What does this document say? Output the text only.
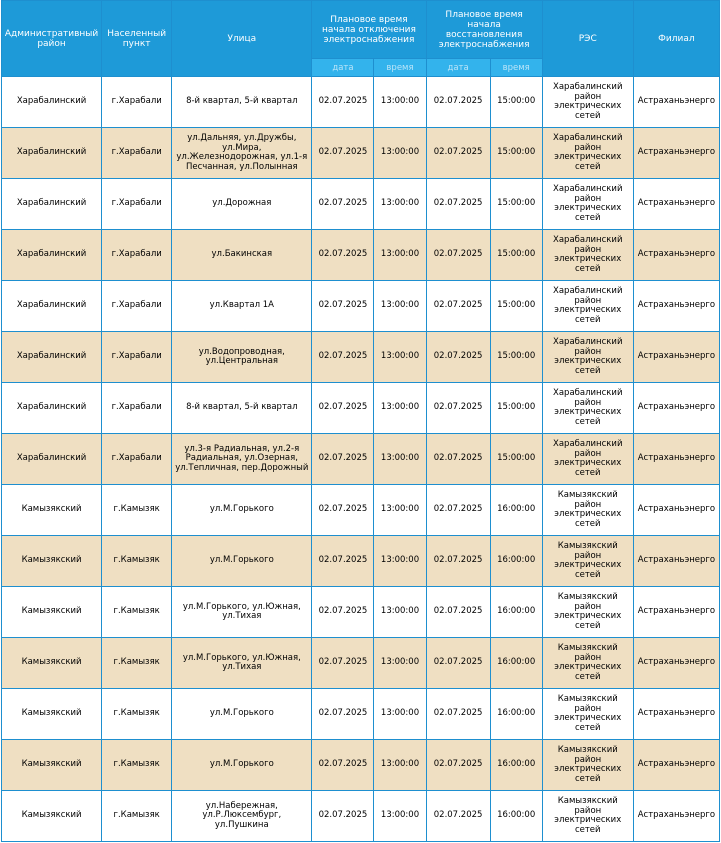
Административный район	Населенный пункт	Улица	Плановое время начала отключения электроснабжения		Плановое время начала восстановления электроснабжения		РЭС	Филиал
			дата	время	дата	время		
Харабалинский	г.Харабали	8-й квартал, 5-й квартал	02.07.2025	13:00:00	02.07.2025	15:00:00	Харабалинский район электрических сетей	Астраханьэнерго
Харабалинский	г.Харабали	ул.Дальняя, ул.Дружбы, ул.Мира, ул.Железнодорожная, ул.1-я Песчанная, ул.Полынная	02.07.2025	13:00:00	02.07.2025	15:00:00	Харабалинский район электрических сетей	Астраханьэнерго
Харабалинский	г.Харабали	ул.Дорожная	02.07.2025	13:00:00	02.07.2025	15:00:00	Харабалинский район электрических сетей	Астраханьэнерго
Харабалинский	г.Харабали	ул.Бакинская	02.07.2025	13:00:00	02.07.2025	15:00:00	Харабалинский район электрических сетей	Астраханьэнерго
Харабалинский	г.Харабали	ул.Квартал 1А	02.07.2025	13:00:00	02.07.2025	15:00:00	Харабалинский район электрических сетей	Астраханьэнерго
Харабалинский	г.Харабали	ул.Водопроводная, ул.Центральная	02.07.2025	13:00:00	02.07.2025	15:00:00	Харабалинский район электрических сетей	Астраханьэнерго
Харабалинский	г.Харабали	8-й квартал, 5-й квартал	02.07.2025	13:00:00	02.07.2025	15:00:00	Харабалинский район электрических сетей	Астраханьэнерго
Харабалинский	г.Харабали	ул.3-я Радиальная, ул.2-я Радиальная, ул.Озерная, ул.Тепличная, пер.Дорожный	02.07.2025	13:00:00	02.07.2025	15:00:00	Харабалинский район электрических сетей	Астраханьэнерго
Камызякский	г.Камызяк	ул.М.Горького	02.07.2025	13:00:00	02.07.2025	16:00:00	Камызякский район электрических сетей	Астраханьэнерго
Камызякский	г.Камызяк	ул.М.Горького	02.07.2025	13:00:00	02.07.2025	16:00:00	Камызякский район электрических сетей	Астраханьэнерго
Камызякский	г.Камызяк	ул.М.Горького, ул.Южная, ул.Тихая	02.07.2025	13:00:00	02.07.2025	16:00:00	Камызякский район электрических сетей	Астраханьэнерго
Камызякский	г.Камызяк	ул.М.Горького, ул.Южная, ул.Тихая	02.07.2025	13:00:00	02.07.2025	16:00:00	Камызякский район электрических сетей	Астраханьэнерго
Камызякский	г.Камызяк	ул.М.Горького	02.07.2025	13:00:00	02.07.2025	16:00:00	Камызякский район электрических сетей	Астраханьэнерго
Камызякский	г.Камызяк	ул.М.Горького	02.07.2025	13:00:00	02.07.2025	16:00:00	Камызякский район электрических сетей	Астраханьэнерго
Камызякский	г.Камызяк	ул.Набережная, ул.Р.Люксембург, ул.Пушкина	02.07.2025	13:00:00	02.07.2025	16:00:00	Камызякский район электрических сетей	Астраханьэнерго
